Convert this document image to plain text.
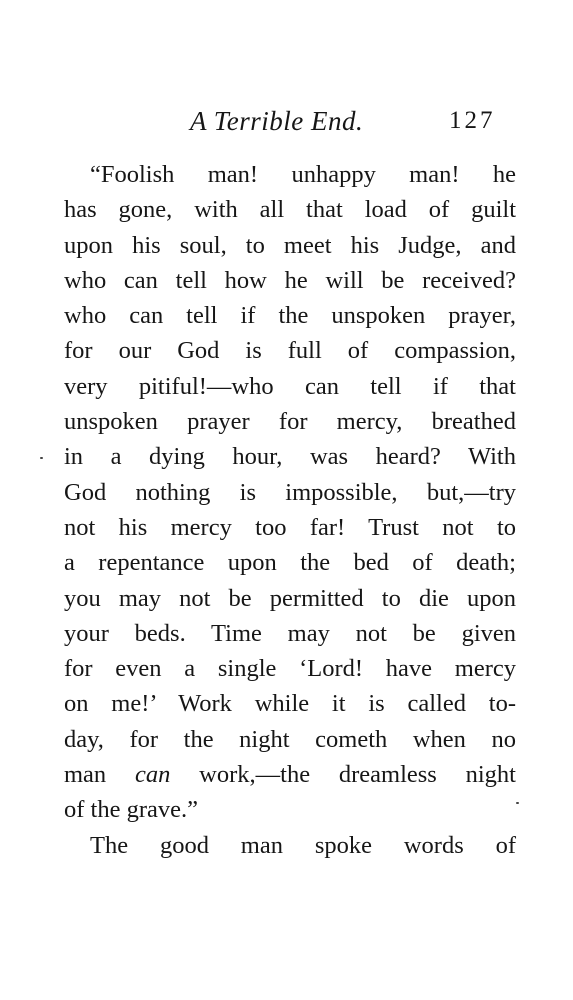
A Terrible End.	127
“Foolish man! unhappy man! he
has gone, with all that load of guilt
upon his soul, to meet his Judge, and
who can tell how he will be received?
who can tell if the unspoken prayer,
for our God is full of compassion,
very pitiful!—who can tell if that
unspoken prayer for mercy, breathed
in a dying hour, was heard? With
God nothing is impossible, but,—try
not his mercy too far! Trust not to
a repentance upon the bed of death;
you may not be permitted to die upon
your beds. Time may not be given
for even a single ‘Lord! have mercy
on me!’ Work while it is called to-
day, for the night cometh when no
man can work,—the dreamless night
of the grave.”
The good man spoke words of
